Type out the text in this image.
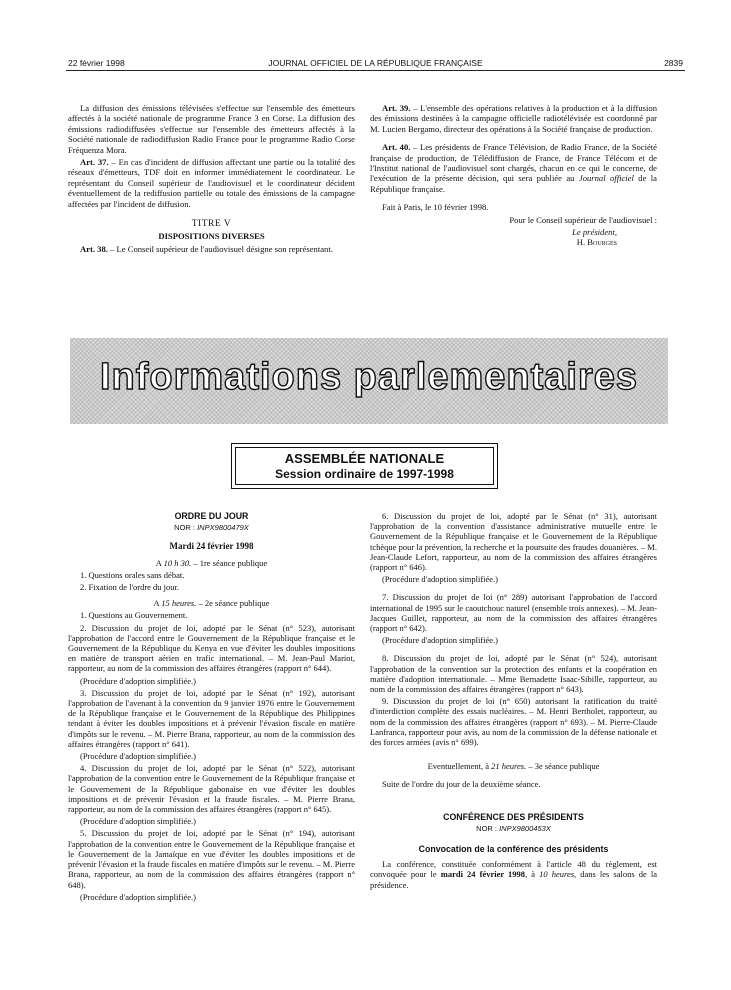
22 février 1998	JOURNAL OFFICIEL DE LA RÉPUBLIQUE FRANÇAISE	2839

La diffusion des émissions télévisées s'effectue sur l'ensemble des émetteurs affectés à la société nationale de programme France 3 en Corse. La diffusion des émissions radiodiffusées s'effectue sur l'ensemble des émetteurs affectés à la Société nationale de radiodiffusion Radio France pour le programme Radio Corse Fréquenza Mora.

Art. 37. – En cas d'incident de diffusion affectant une partie ou la totalité des réseaux d'émetteurs, TDF doit en informer immédiatement le coordinateur. Le représentant du Conseil supérieur de l'audiovisuel et le coordinateur décident éventuellement de la rediffusion partielle ou totale des émissions de la campagne affectées par l'incident de diffusion.

TITRE V

DISPOSITIONS DIVERSES

Art. 38. – Le Conseil supérieur de l'audiovisuel désigne son représentant.

Art. 39. – L'ensemble des opérations relatives à la production et à la diffusion des émissions destinées à la campagne officielle radiotélévisée est coordonné par M. Lucien Bergamo, directeur des opérations à la Société française de production.

Art. 40. – Les présidents de France Télévision, de Radio France, de la Société française de production, de Télédiffusion de France, de France Télécom et de l'Institut national de l'audiovisuel sont chargés, chacun en ce qui le concerne, de l'exécution de la présente décision, qui sera publiée au Journal officiel de la République française.

Fait à Paris, le 10 février 1998.

Pour le Conseil supérieur de l'audiovisuel :

Le président,

H. Bourges

Informations parlementaires
ASSEMBLÉE NATIONALE
Session ordinaire de 1997-1998

ORDRE DU JOUR

NOR : INPX9800479X

Mardi 24 février 1998

A 10 h 30. – 1re séance publique

1. Questions orales sans débat.

2. Fixation de l'ordre du jour.

A 15 heures. – 2e séance publique

1. Questions au Gouvernement.

2. Discussion du projet de loi, adopté par le Sénat (n° 523), autorisant l'approbation de l'accord entre le Gouvernement de la République française et le Gouvernement de la République du Kenya en vue d'éviter les doubles impositions en matière de transport aérien en trafic international. – M. Jean-Paul Mariot, rapporteur, au nom de la commission des affaires étrangères (rapport n° 644).

(Procédure d'adoption simplifiée.)

3. Discussion du projet de loi, adopté par le Sénat (n° 192), autorisant l'approbation de l'avenant à la convention du 9 janvier 1976 entre le Gouvernement de la République française et le Gouvernement de la République des Philippines tendant à éviter les doubles impositions et à prévenir l'évasion fiscale en matière d'impôts sur le revenu. – M. Pierre Brana, rapporteur, au nom de la commission des affaires étrangères (rapport n° 641).

(Procédure d'adoption simplifiée.)

4. Discussion du projet de loi, adopté par le Sénat (n° 522), autorisant l'approbation de la convention entre le Gouvernement de la République française et le Gouvernement de la République gabonaise en vue d'éviter les doubles impositions et de prévenir l'évasion et la fraude fiscales. – M. Pierre Brana, rapporteur, au nom de la commission des affaires étrangères (rapport n° 645).

(Procédure d'adoption simplifiée.)

5. Discussion du projet de loi, adopté par le Sénat (n° 194), autorisant l'approbation de la convention entre le Gouvernement de la République française et le Gouvernement de la Jamaïque en vue d'éviter les doubles impositions et de prévenir l'évasion et la fraude fiscales en matière d'impôts sur le revenu. – M. Pierre Brana, rapporteur, au nom de la commission des affaires étrangères (rapport n° 648).

(Procédure d'adoption simplifiée.)

6. Discussion du projet de loi, adopté par le Sénat (n° 31), autorisant l'approbation de la convention d'assistance administrative mutuelle entre le Gouvernement de la République française et le Gouvernement de la République tchèque pour la prévention, la recherche et la poursuite des fraudes douanières. – M. Jean-Claude Lefort, rapporteur, au nom de la commission des affaires étrangères (rapport n° 646).

(Procédure d'adoption simplifiée.)

7. Discussion du projet de loi (n° 289) autorisant l'approbation de l'accord international de 1995 sur le caoutchouc naturel (ensemble trois annexes). – M. Jean-Jacques Guillet, rapporteur, au nom de la commission des affaires étrangères (rapport n° 642).

(Procédure d'adoption simplifiée.)

8. Discussion du projet de loi, adopté par le Sénat (n° 524), autorisant l'approbation de la convention sur la protection des enfants et la coopération en matière d'adoption internationale. – Mme Bernadette Isaac-Sibille, rapporteur, au nom de la commission des affaires étrangères (rapport n° 643).

9. Discussion du projet de loi (n° 650) autorisant la ratification du traité d'interdiction complète des essais nucléaires. – M. Henri Bertholet, rapporteur, au nom de la commission des affaires étrangères (rapport n° 693). – M. Pierre-Claude Lanfranca, rapporteur pour avis, au nom de la commission de la défense nationale et des forces armées (avis n° 699).

Eventuellement, à 21 heures. – 3e séance publique

Suite de l'ordre du jour de la deuxième séance.

CONFÉRENCE DES PRÉSIDENTS

NOR : INPX9800453X

Convocation de la conférence des présidents

La conférence, constituée conformément à l'article 48 du règlement, est convoquée pour le mardi 24 février 1998, à 10 heures, dans les salons de la présidence.
